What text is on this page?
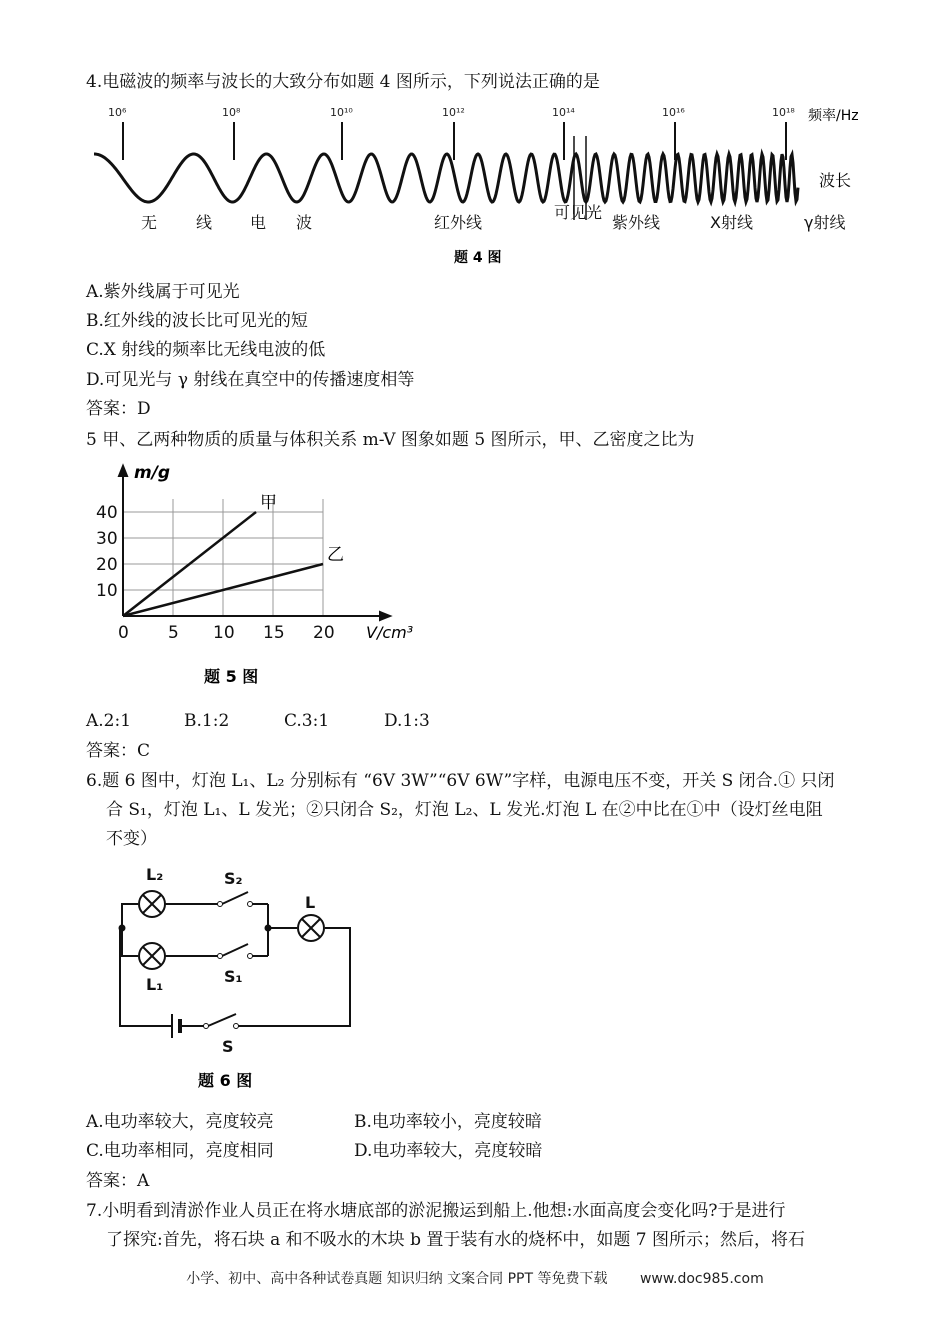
4.电磁波的频率与波长的大致分布如题 4 图所示，下列说法正确的是
10⁶	10⁸	10¹⁰	10¹²	10¹⁴	10¹⁶	10¹⁸ 频率/Hz
波长
无 线 电 波	红外线
可见光
紫外线	X射线	γ射线
题 4 图
A.紫外线属于可见光
B.红外线的波长比可见光的短
C.X 射线的频率比无线电波的低
D.可见光与 γ 射线在真空中的传播速度相等
答案：D
5 甲、乙两种物质的质量与体积关系 m-V 图象如题 5 图所示，甲、乙密度之比为
0 5 10 15 20
10
20
30
40	甲
乙
m/g
V/cm³
题 5 图
A.2:1	B.1:2	C.3:1	D.1:3
答案：C
6.题 6 图中，灯泡 L₁、L₂ 分别标有 “6V 3W”“6V 6W”字样，电源电压不变，开关 S 闭合.① 只闭
合 S₁，灯泡 L₁、L 发光；②只闭合 S₂，灯泡 L₂、L 发光.灯泡 L 在②中比在①中（设灯丝电阻
不变）
L₂	S₂
L
L₁	S₁
S
题 6 图
A.电功率较大，亮度较亮	B.电功率较小，亮度较暗
C.电功率相同，亮度相同	D.电功率较大，亮度较暗
答案：A
7.小明看到清淤作业人员正在将水塘底部的淤泥搬运到船上.他想:水面高度会变化吗?于是进行
了探究:首先，将石块 a 和不吸水的木块 b 置于装有水的烧杯中，如题 7 图所示；然后，将石
小学、初中、高中各种试卷真题 知识归纳 文案合同 PPT 等免费下载 www.doc985.com
